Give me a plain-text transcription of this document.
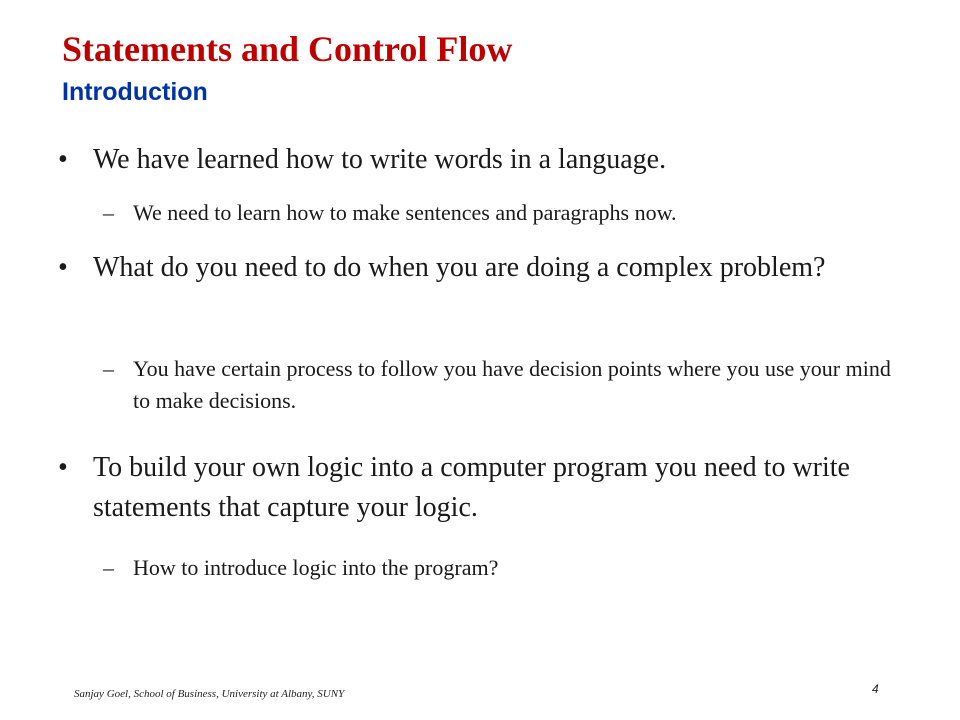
Statements and Control Flow
Introduction
• We have learned how to write words in a language.
– We need to learn how to make sentences and paragraphs now.
• What do you need to do when you are doing a complex problem?
– You have certain process to follow you have decision points where you use your mind to make decisions.
• To build your own logic into a computer program you need to write statements that capture your logic.
– How to introduce logic into the program?
Sanjay Goel, School of Business, University at Albany, SUNY	4
